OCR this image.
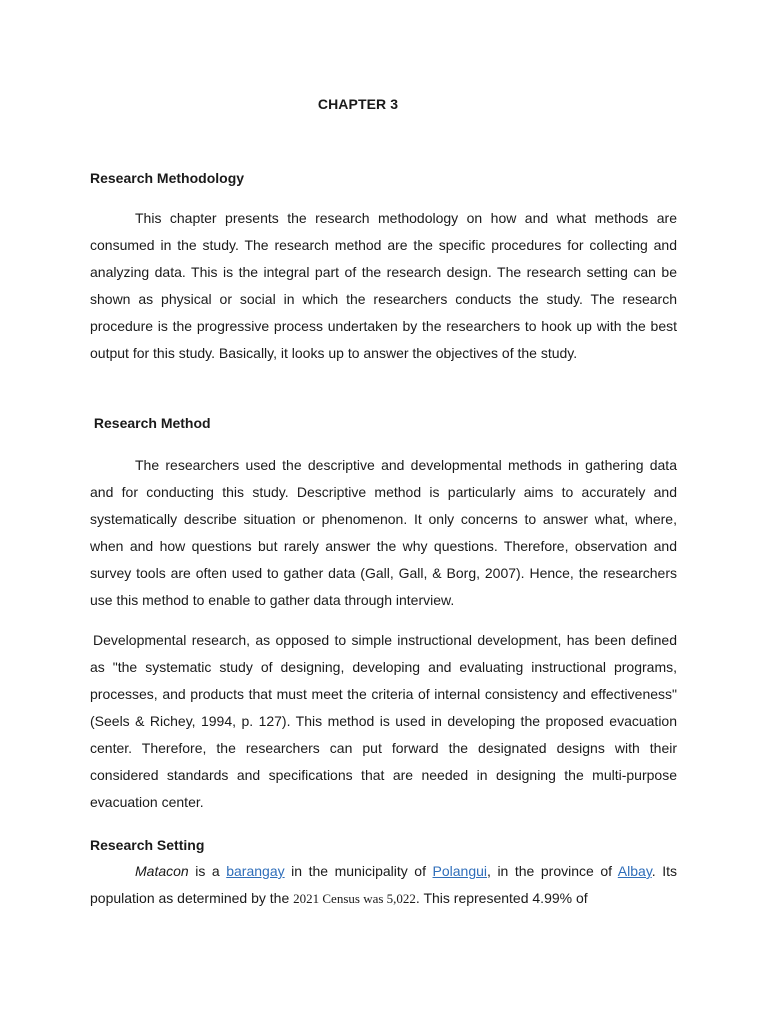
CHAPTER 3
Research Methodology

This chapter presents the research methodology on how and what methods are consumed in the study. The research method are the specific procedures for collecting and analyzing data. This is the integral part of the research design. The research setting can be shown as physical or social in which the researchers conducts the study. The research procedure is the progressive process undertaken by the researchers to hook up with the best output for this study. Basically, it looks up to answer the objectives of the study.

Research Method

The researchers used the descriptive and developmental methods in gathering data and for conducting this study. Descriptive method is particularly aims to accurately and systematically describe situation or phenomenon. It only concerns to answer what, where, when and how questions but rarely answer the why questions. Therefore, observation and survey tools are often used to gather data (Gall, Gall, & Borg, 2007). Hence, the researchers use this method to enable to gather data through interview.

Developmental research, as opposed to simple instructional development, has been defined as "the systematic study of designing, developing and evaluating instructional programs, processes, and products that must meet the criteria of internal consistency and effectiveness" (Seels & Richey, 1994, p. 127). This method is used in developing the proposed evacuation center. Therefore, the researchers can put forward the designated designs with their considered standards and specifications that are needed in designing the multi-purpose evacuation center.

Research Setting

Matacon is a barangay in the municipality of Polangui, in the province of Albay. Its population as determined by the 2021 Census was 5,022. This represented 4.99% of
